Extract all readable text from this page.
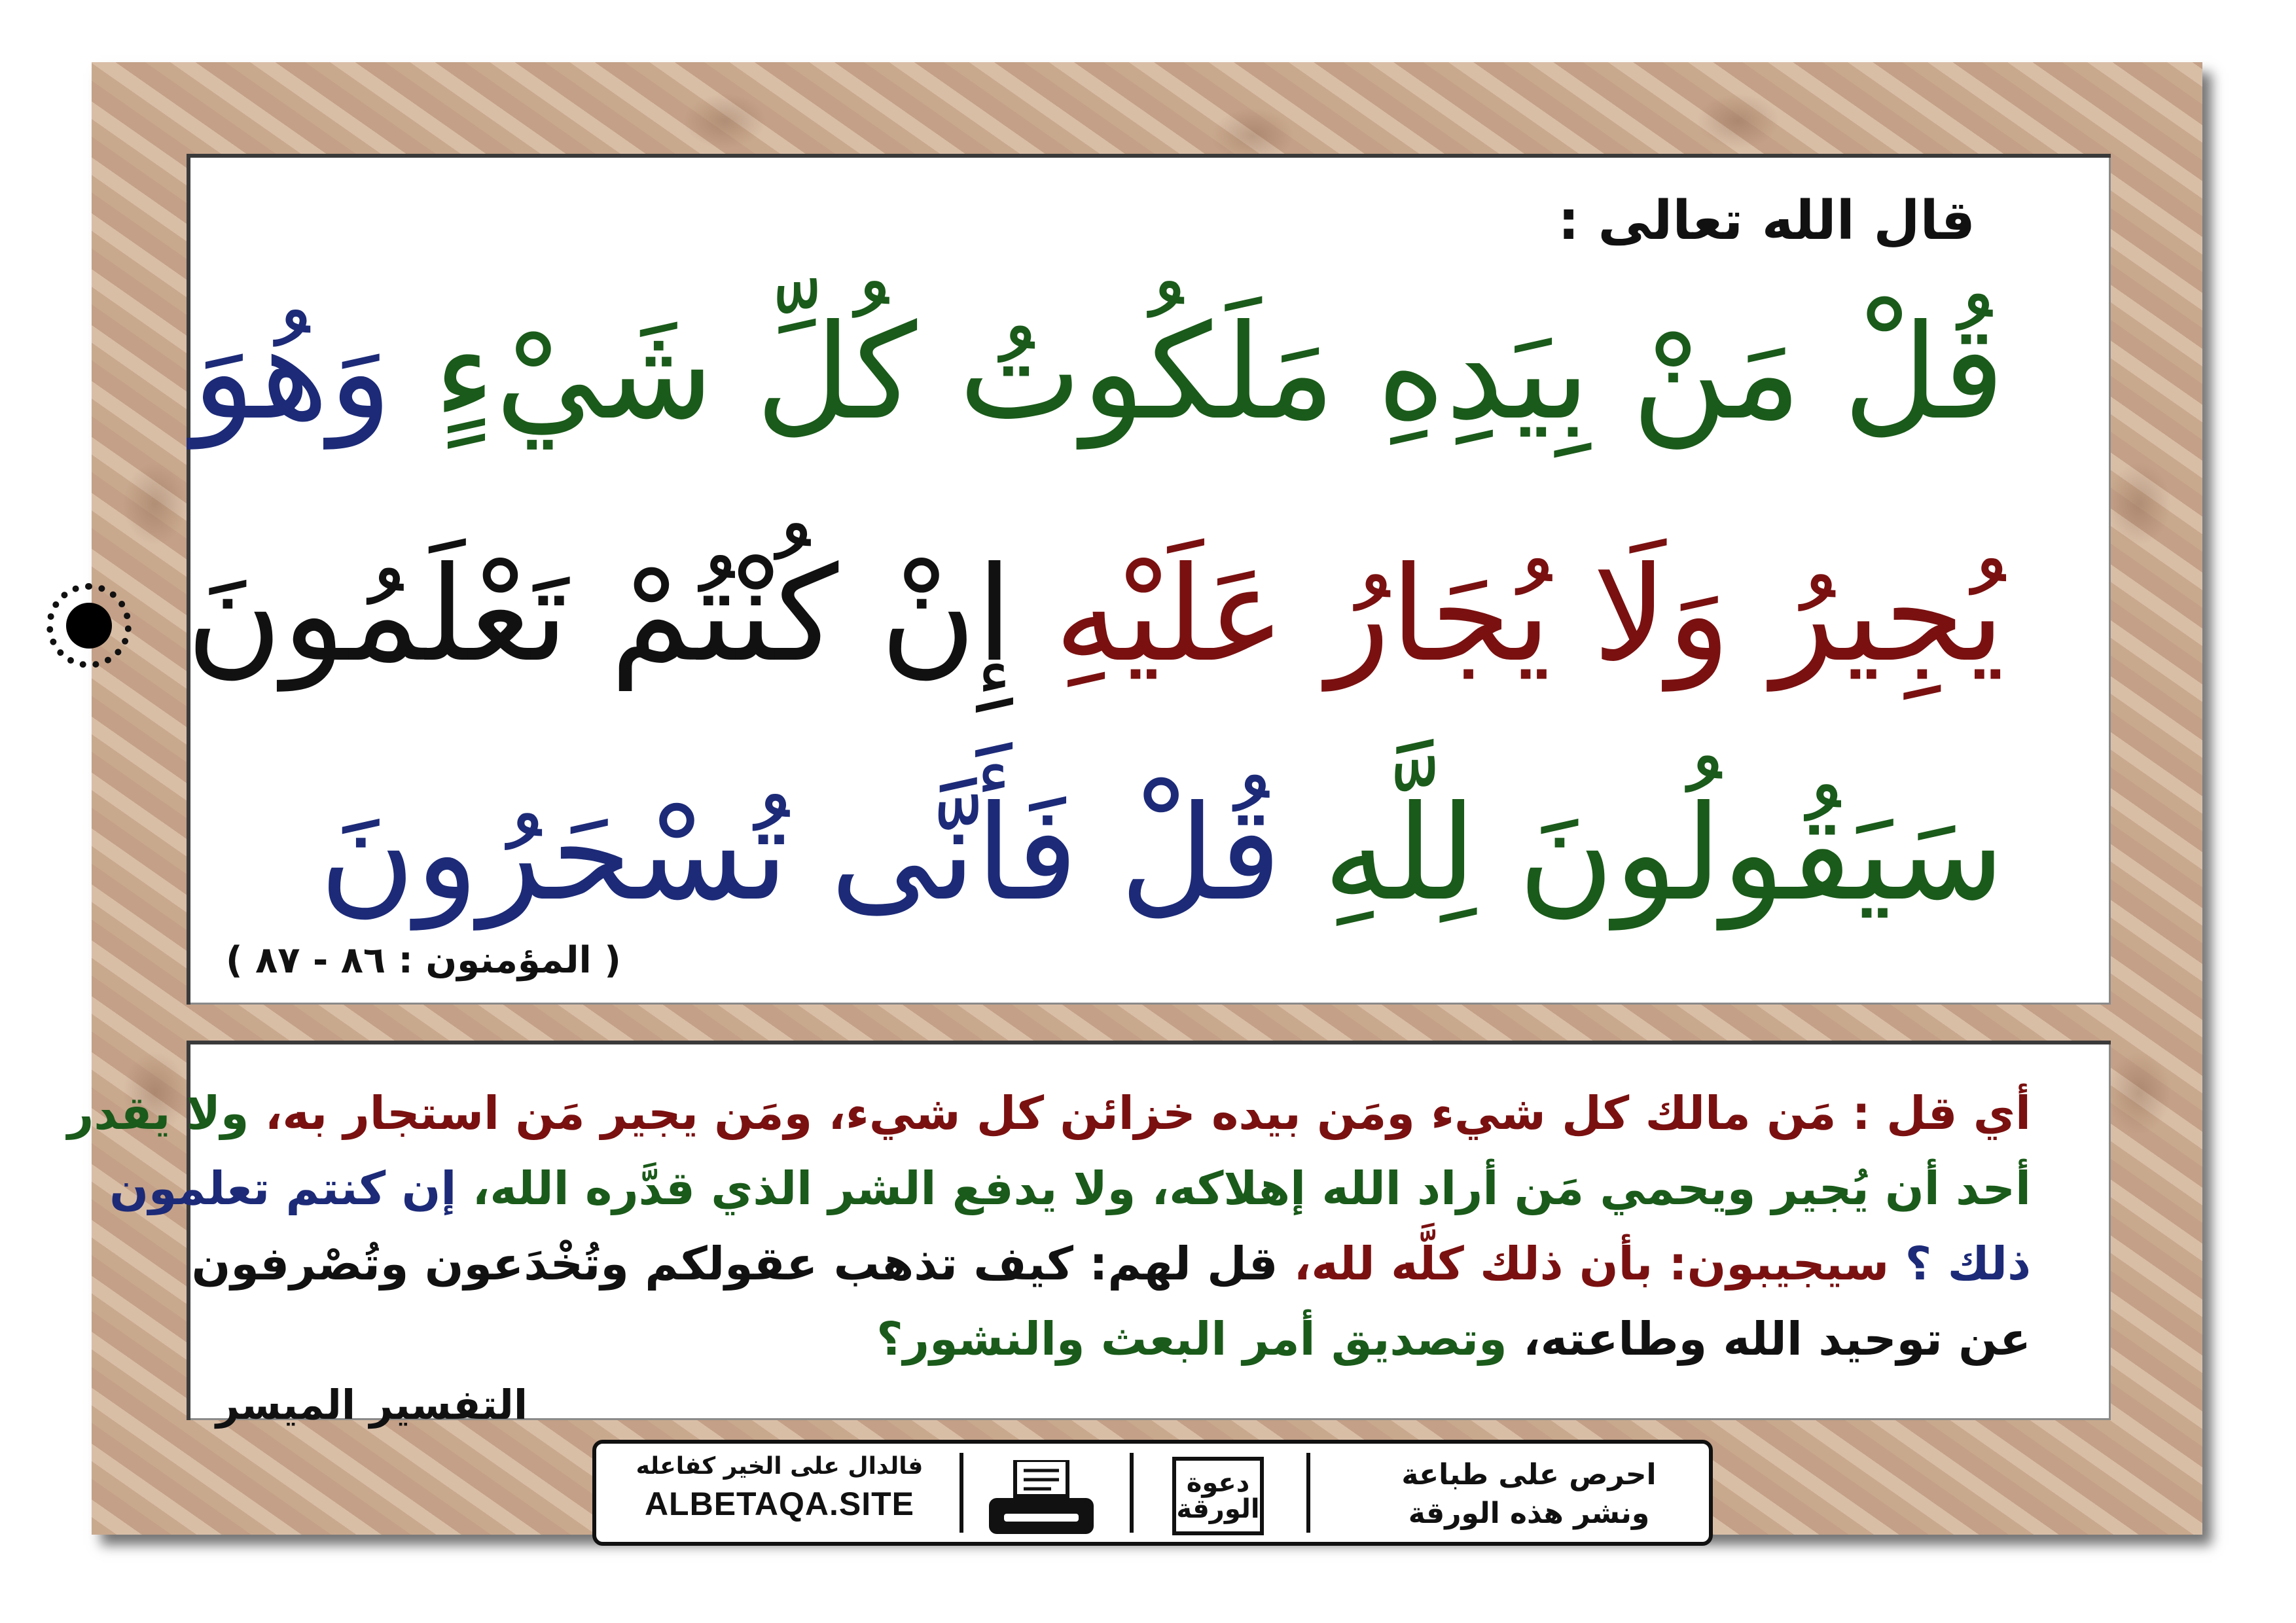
قال الله تعالى :
قُلْ مَنْ بِيَدِهِ مَلَكُوتُ كُلِّ شَيْءٍ وَهُوَ
يُجِيرُ وَلَا يُجَارُ عَلَيْهِ إِنْ كُنْتُمْ تَعْلَمُونَ
سَيَقُولُونَ لِلَّهِ قُلْ فَأَنَّى تُسْحَرُونَ
( المؤمنون : ٨٦ - ٨٧ )
أي قل : مَن مالك كل شيء ومَن بيده خزائن كل شيء، ومَن يجير مَن استجار به، ولا يقدر
أحد أن يُجير ويحمي مَن أراد الله إهلاكه، ولا يدفع الشر الذي قدَّره الله، إن كنتم تعلمون
ذلك ؟ سيجيبون: بأن ذلك كلَّه لله، قل لهم: كيف تذهب عقولكم وتُخْدَعون وتُصْرفون
عن توحيد الله وطاعته، وتصديق أمر البعث والنشور؟
التفسير الميسر
فالدال على الخير كفاعله
ALBETAQA.SITE
دعوة الورقة
احرص على طباعة
ونشر هذه الورقة
